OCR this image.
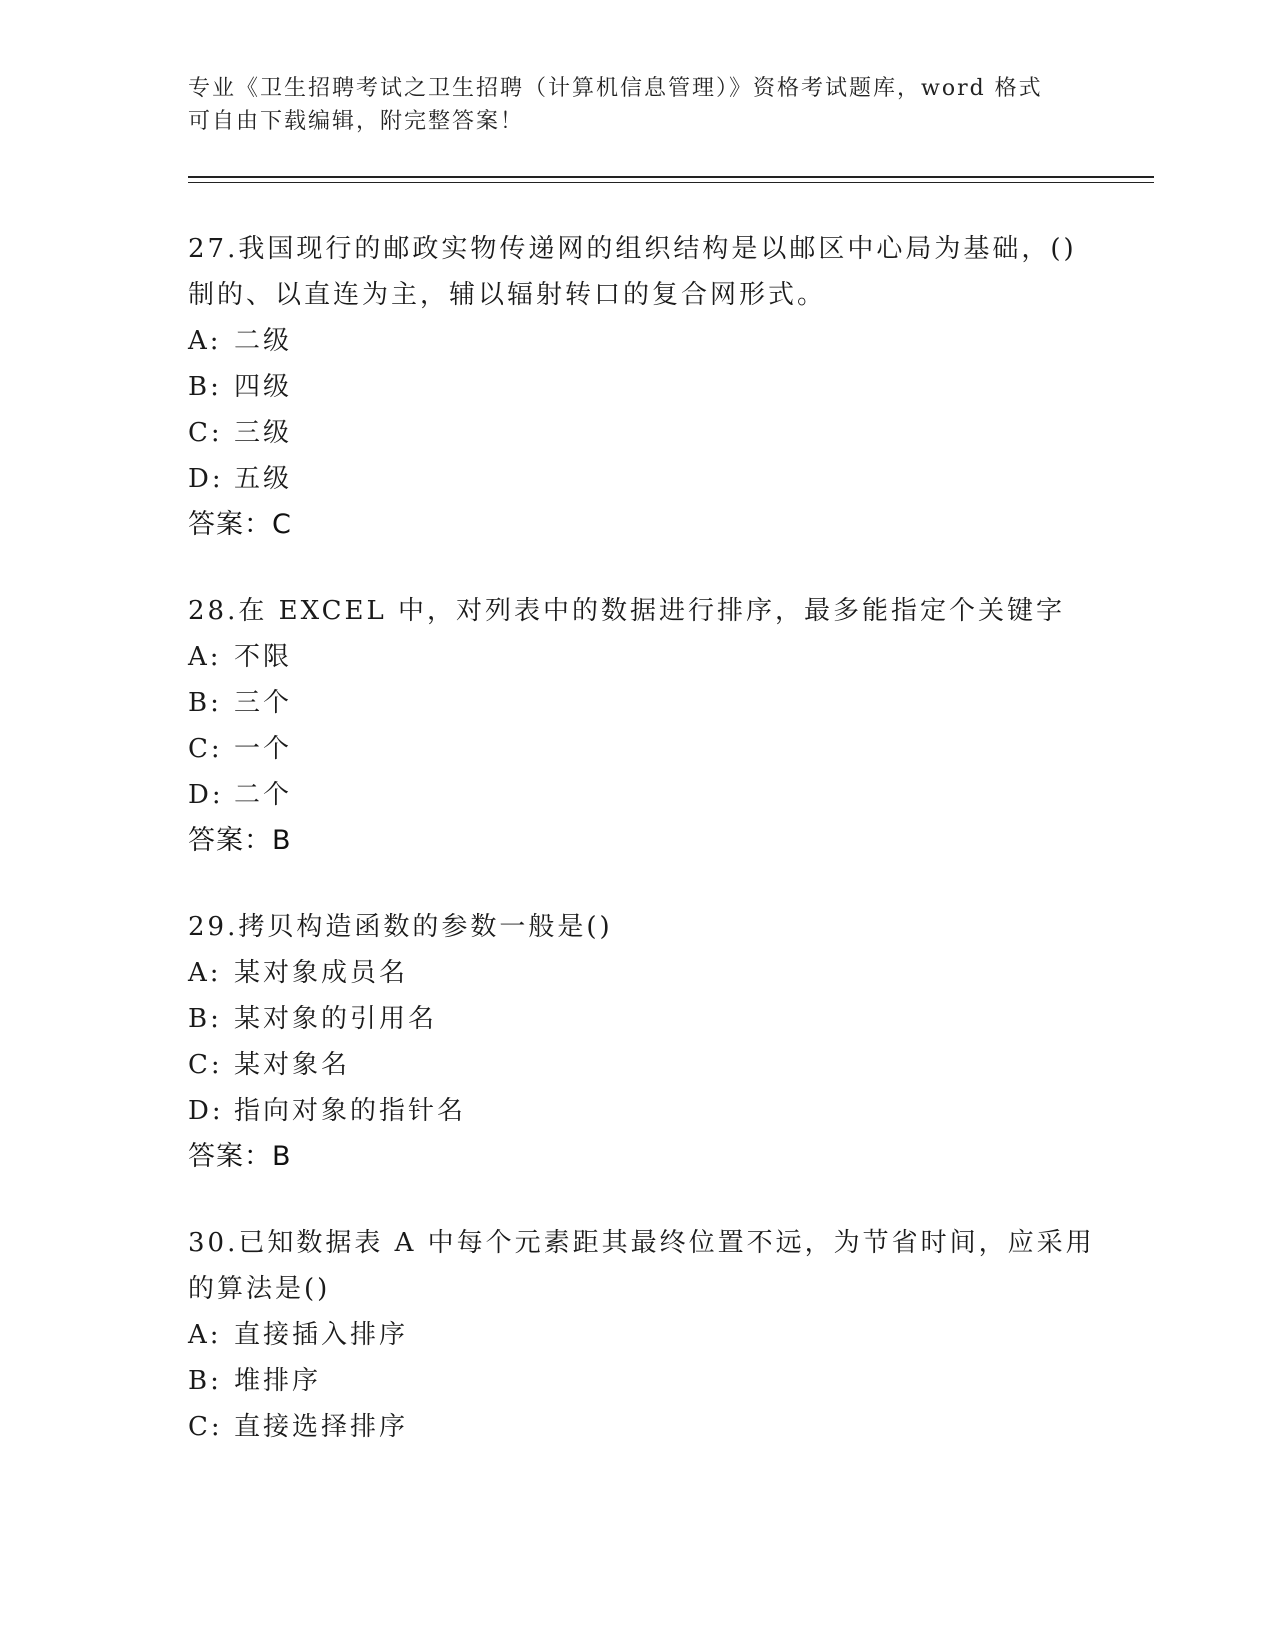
专业《卫生招聘考试之卫生招聘（计算机信息管理）》资格考试题库，word 格式
可自由下载编辑，附完整答案！
27.我国现行的邮政实物传递网的组织结构是以邮区中心局为基础，()
制的、以直连为主，辅以辐射转口的复合网形式。
A: 二级
B: 四级
C: 三级
D: 五级
答案：C
28.在 EXCEL 中，对列表中的数据进行排序，最多能指定个关键字
A: 不限
B: 三个
C: 一个
D: 二个
答案：B
29.拷贝构造函数的参数一般是()
A: 某对象成员名
B: 某对象的引用名
C: 某对象名
D: 指向对象的指针名
答案：B
30.已知数据表 A 中每个元素距其最终位置不远，为节省时间，应采用
的算法是()
A: 直接插入排序
B: 堆排序
C: 直接选择排序
